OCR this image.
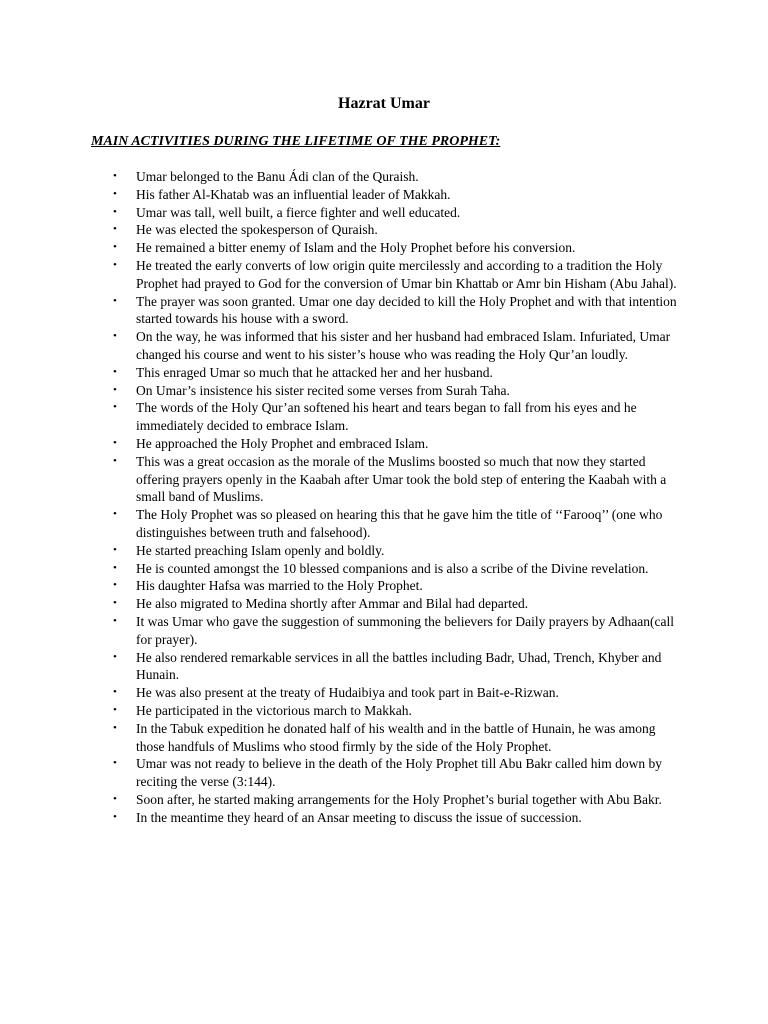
Hazrat Umar
MAIN ACTIVITIES DURING THE LIFETIME OF THE PROPHET:
•	Umar belonged to the Banu Ádi clan of the Quraish.
•	His father Al-Khatab was an influential leader of Makkah.
•	Umar was tall, well built, a fierce fighter and well educated.
•	He was elected the spokesperson of Quraish.
•	He remained a bitter enemy of Islam and the Holy Prophet before his conversion.
•	He treated the early converts of low origin quite mercilessly and according to a tradition the Holy Prophet had prayed to God for the conversion of Umar bin Khattab or Amr bin Hisham (Abu Jahal).
•	The prayer was soon granted. Umar one day decided to kill the Holy Prophet and with that intention started towards his house with a sword.
•	On the way, he was informed that his sister and her husband had embraced Islam. Infuriated, Umar changed his course and went to his sister’s house who was reading the Holy Qur’an loudly.
•	This enraged Umar so much that he attacked her and her husband.
•	On Umar’s insistence his sister recited some verses from Surah Taha.
•	The words of the Holy Qur’an softened his heart and tears began to fall from his eyes and he immediately decided to embrace Islam.
•	He approached the Holy Prophet and embraced Islam.
•	This was a great occasion as the morale of the Muslims boosted so much that now they started offering prayers openly in the Kaabah after Umar took the bold step of entering the Kaabah with a small band of Muslims.
•	The Holy Prophet was so pleased on hearing this that he gave him the title of ‘‘Farooq’’ (one who distinguishes between truth and falsehood).
•	He started preaching Islam openly and boldly.
•	He is counted amongst the 10 blessed companions and is also a scribe of the Divine revelation.
•	His daughter Hafsa was married to the Holy Prophet.
•	He also migrated to Medina shortly after Ammar and Bilal had departed.
•	It was Umar who gave the suggestion of summoning the believers for Daily prayers by Adhaan(call for prayer).
•	He also rendered remarkable services in all the battles including Badr, Uhad, Trench, Khyber and Hunain.
•	He was also present at the treaty of Hudaibiya and took part in Bait-e-Rizwan.
•	He participated in the victorious march to Makkah.
•	In the Tabuk expedition he donated half of his wealth and in the battle of Hunain, he was among those handfuls of Muslims who stood firmly by the side of the Holy Prophet.
•	Umar was not ready to believe in the death of the Holy Prophet till Abu Bakr called him down by reciting the verse (3:144).
•	Soon after, he started making arrangements for the Holy Prophet’s burial together with Abu Bakr.
•	In the meantime they heard of an Ansar meeting to discuss the issue of succession.
